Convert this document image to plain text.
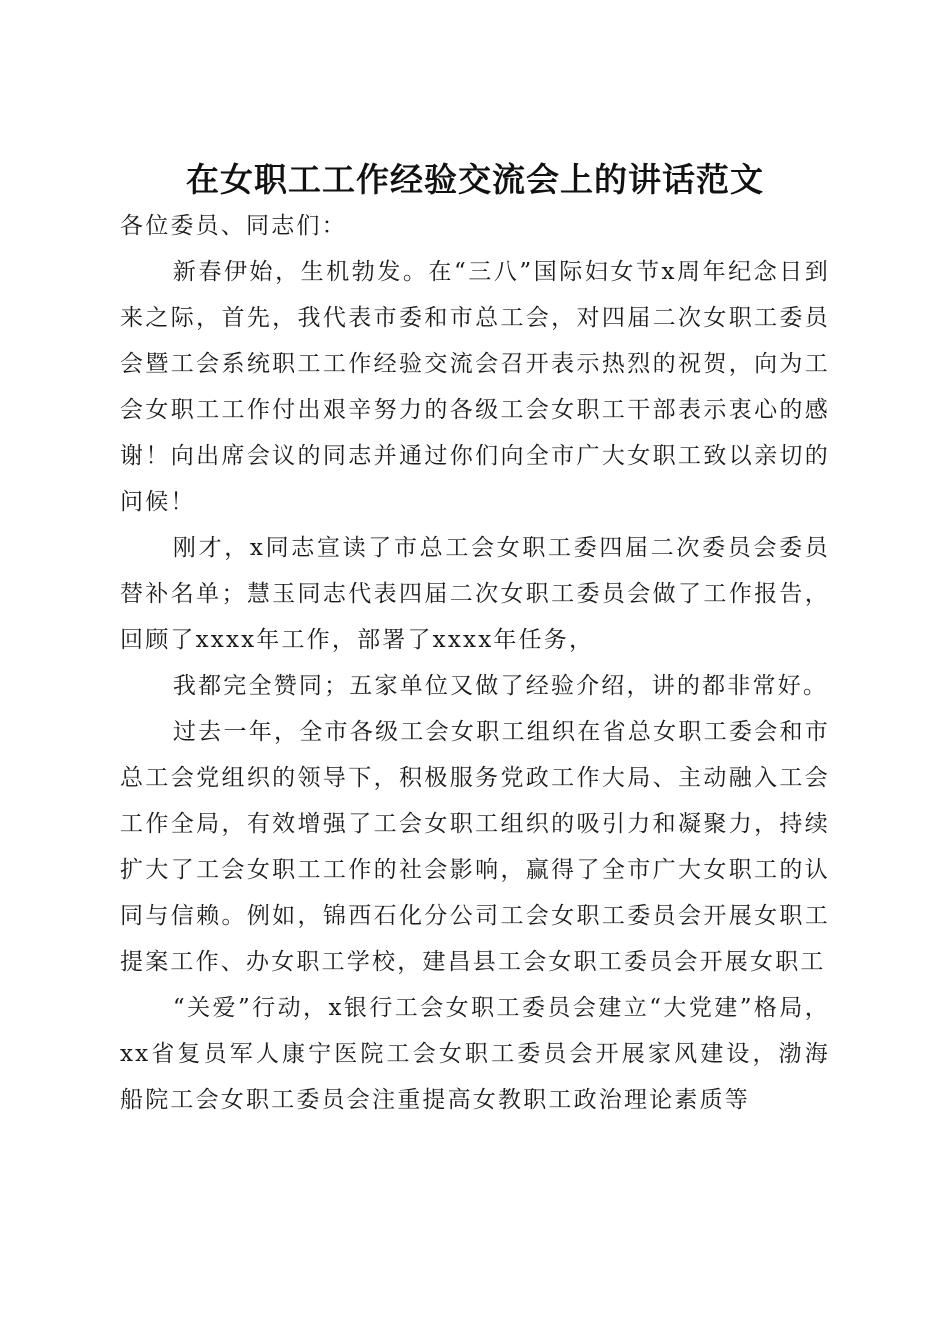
在女职工工作经验交流会上的讲话范文

各位委员、同志们：

新春伊始，生机勃发。在“三八”国际妇女节x周年纪念日到来之际，首先，我代表市委和市总工会，对四届二次女职工委员会暨工会系统职工工作经验交流会召开表示热烈的祝贺，向为工会女职工工作付出艰辛努力的各级工会女职工干部表示衷心的感谢！向出席会议的同志并通过你们向全市广大女职工致以亲切的问候！

刚才，x同志宣读了市总工会女职工委四届二次委员会委员替补名单；慧玉同志代表四届二次女职工委员会做了工作报告，回顾了xxxx年工作，部署了xxxx年任务，

我都完全赞同；五家单位又做了经验介绍，讲的都非常好。

过去一年，全市各级工会女职工组织在省总女职工委会和市总工会党组织的领导下，积极服务党政工作大局、主动融入工会工作全局，有效增强了工会女职工组织的吸引力和凝聚力，持续扩大了工会女职工工作的社会影响，赢得了全市广大女职工的认同与信赖。例如，锦西石化分公司工会女职工委员会开展女职工提案工作、办女职工学校，建昌县工会女职工委员会开展女职工

“关爱”行动，x银行工会女职工委员会建立“大党建”格局，xx省复员军人康宁医院工会女职工委员会开展家风建设，渤海船院工会女职工委员会注重提高女教职工政治理论素质等
